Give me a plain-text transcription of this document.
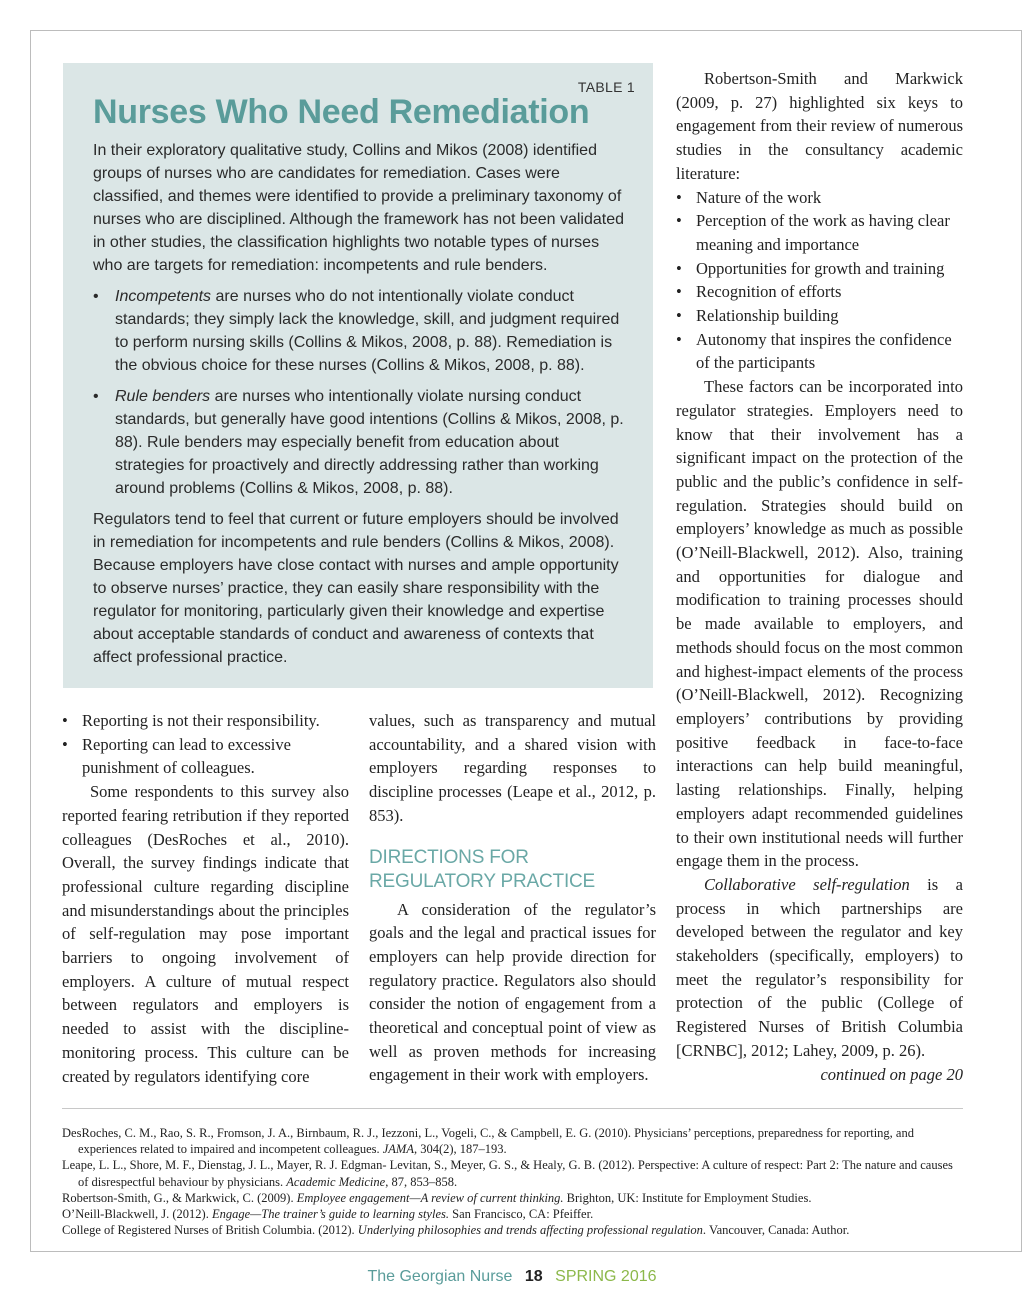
TABLE 1
Nurses Who Need Remediation

In their exploratory qualitative study, Collins and Mikos (2008) identified groups of nurses who are candidates for remediation. Cases were classified, and themes were identified to provide a preliminary taxonomy of nurses who are disciplined. Although the framework has not been validated in other studies, the classification highlights two notable types of nurses who are targets for remediation: incompetents and rule benders.

• Incompetents are nurses who do not intentionally violate conduct standards; they simply lack the knowledge, skill, and judgment required to perform nursing skills (Collins & Mikos, 2008, p. 88). Remediation is the obvious choice for these nurses (Collins & Mikos, 2008, p. 88).
• Rule benders are nurses who intentionally violate nursing conduct standards, but generally have good intentions (Collins & Mikos, 2008, p. 88). Rule benders may especially benefit from education about strategies for proactively and directly addressing rather than working around problems (Collins & Mikos, 2008, p. 88).

Regulators tend to feel that current or future employers should be involved in remediation for incompetents and rule benders (Collins & Mikos, 2008). Because employers have close contact with nurses and ample opportunity to observe nurses’ practice, they can easily share responsibility with the regulator for monitoring, particularly given their knowledge and expertise about acceptable standards of conduct and awareness of contexts that affect professional practice.

• Reporting is not their responsibility.
• Reporting can lead to excessive punishment of colleagues.

Some respondents to this survey also reported fearing retribution if they reported colleagues (DesRoches et al., 2010). Overall, the survey findings indicate that professional culture regarding discipline and misunderstandings about the principles of self-regulation may pose important barriers to ongoing involvement of employers. A culture of mutual respect between regulators and employers is needed to assist with the discipline-monitoring process. This culture can be created by regulators identifying core

values, such as transparency and mutual accountability, and a shared vision with employers regarding responses to discipline processes (Leape et al., 2012, p. 853).

DIRECTIONS FOR REGULATORY PRACTICE

A consideration of the regulator’s goals and the legal and practical issues for employers can help provide direction for regulatory practice. Regulators also should consider the notion of engagement from a theoretical and conceptual point of view as well as proven methods for increasing engagement in their work with employers.

Robertson-Smith and Markwick (2009, p. 27) highlighted six keys to engagement from their review of numerous studies in the consultancy academic literature:

• Nature of the work
• Perception of the work as having clear meaning and importance
• Opportunities for growth and training
• Recognition of efforts
• Relationship building
• Autonomy that inspires the confidence of the participants

These factors can be incorporated into regulator strategies. Employers need to know that their involvement has a significant impact on the protection of the public and the public’s confidence in self-regulation. Strategies should build on employers’ knowledge as much as possible (O’Neill-Blackwell, 2012). Also, training and opportunities for dialogue and modification to training processes should be made available to employers, and methods should focus on the most common and highest-impact elements of the process (O’Neill-Blackwell, 2012). Recognizing employers’ contributions by providing positive feedback in face-to-face interactions can help build meaningful, lasting relationships. Finally, helping employers adapt recommended guidelines to their own institutional needs will further engage them in the process.

Collaborative self-regulation is a process in which partnerships are developed between the regulator and key stakeholders (specifically, employers) to meet the regulator’s responsibility for protection of the public (College of Registered Nurses of British Columbia [CRNBC], 2012; Lahey, 2009, p. 26).

continued on page 20

DesRoches, C. M., Rao, S. R., Fromson, J. A., Birnbaum, R. J., Iezzoni, L., Vogeli, C., & Campbell, E. G. (2010). Physicians’ perceptions, preparedness for reporting, and experiences related to impaired and incompetent colleagues. JAMA, 304(2), 187–193.

Leape, L. L., Shore, M. F., Dienstag, J. L., Mayer, R. J. Edgman- Levitan, S., Meyer, G. S., & Healy, G. B. (2012). Perspective: A culture of respect: Part 2: The nature and causes of disrespectful behaviour by physicians. Academic Medicine, 87, 853–858.

Robertson-Smith, G., & Markwick, C. (2009). Employee engagement—A review of current thinking. Brighton, UK: Institute for Employment Studies.

O’Neill-Blackwell, J. (2012). Engage—The trainer’s guide to learning styles. San Francisco, CA: Pfeiffer.

College of Registered Nurses of British Columbia. (2012). Underlying philosophies and trends affecting professional regulation. Vancouver, Canada: Author.

The Georgian Nurse 18 SPRING 2016
